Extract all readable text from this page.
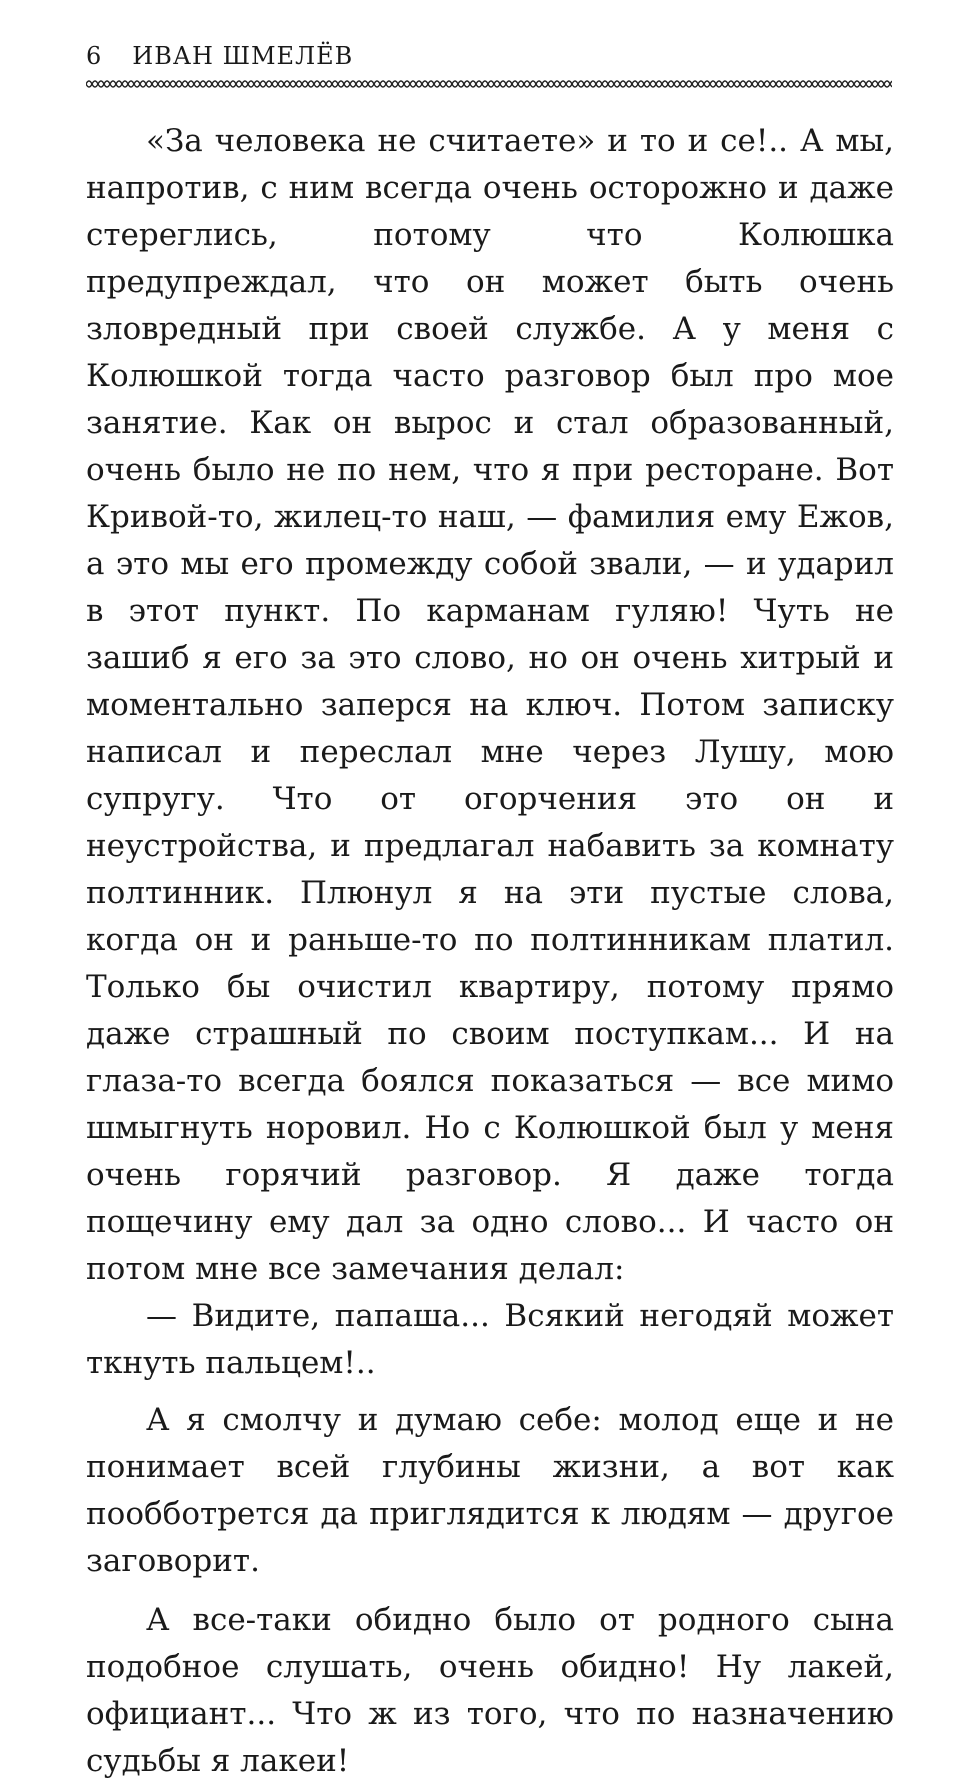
6 ИВАН ШМЕЛЁВ

«За человека не считаете» и то и се!.. А мы, напротив, с ним всегда очень осторожно и даже стереглись, потому что Колюшка предупреждал, что он может быть очень зловредный при своей службе. А у меня с Колюшкой тогда часто разговор был про мое занятие. Как он вырос и стал образованный, очень было не по нем, что я при ресторане. Вот Кривой-то, жилец-то наш, — фамилия ему Ежов, а это мы его промежду собой звали, — и ударил в этот пункт. По карманам гуляю! Чуть не зашиб я его за это слово, но он очень хитрый и моментально заперся на ключ. Потом записку написал и переслал мне через Лушу, мою супругу. Что от огорчения это он и неустройства, и предлагал набавить за комнату полтинник. Плюнул я на эти пустые слова, когда он и раньше-то по полтинникам платил. Только бы очистил квартиру, потому прямо даже страшный по своим поступкам... И на глаза-то всегда боялся показаться — все мимо шмыгнуть норовил. Но с Колюшкой был у меня очень горячий разговор. Я даже тогда пощечину ему дал за одно слово... И часто он потом мне все замечания делал:

— Видите, папаша... Всякий негодяй может ткнуть пальцем!..

А я смолчу и думаю себе: молод еще и не понимает всей глубины жизни, а вот как пообботрется да приглядится к людям — другое заговорит.

А все-таки обидно было от родного сына подобное слушать, очень обидно! Ну лакей, официант... Что ж из того, что по назначению судьбы я лакеи!
